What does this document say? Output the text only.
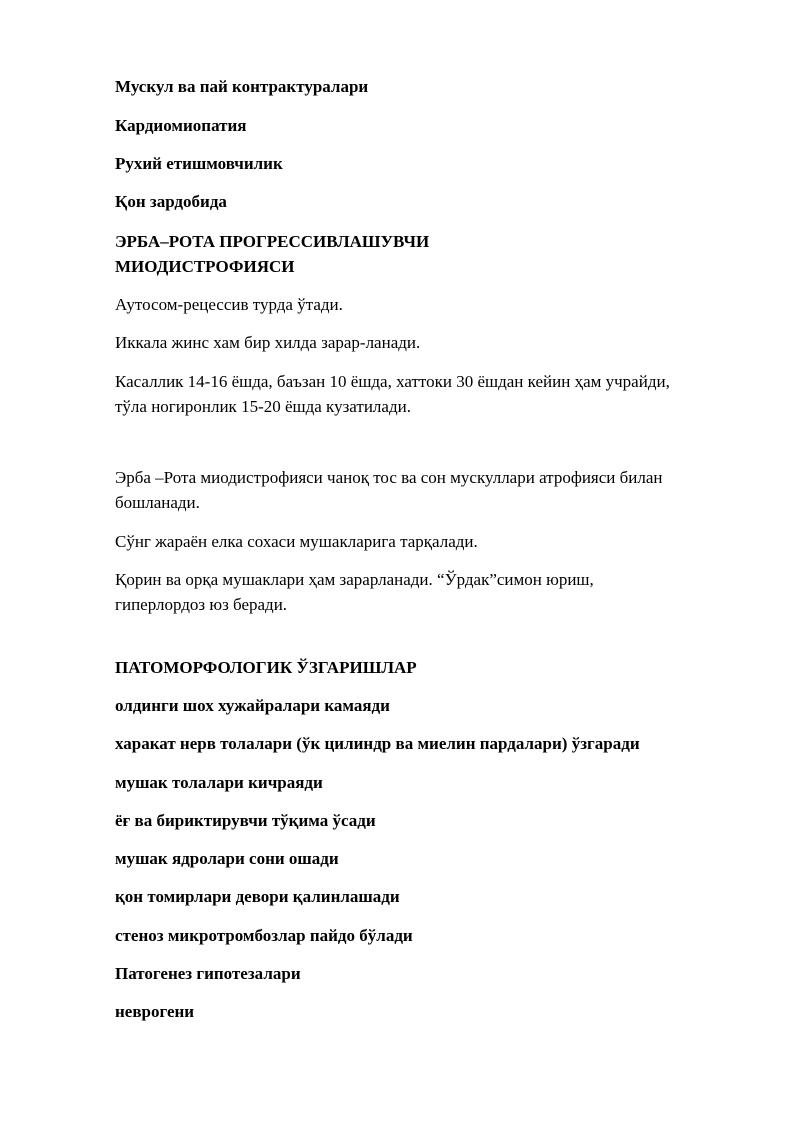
Мускул ва пай контрактуралари

Кардиомиопатия

Рухий етишмовчилик

Қон зардобида

ЭРБА–РОТА ПРОГРЕССИВЛАШУВЧИ

МИОДИСТРОФИЯСИ

Аутосом-рецессив турда ўтади.

Иккала жинс хам бир хилда зарар-ланади.

Касаллик 14-16 ёшда, баъзан 10 ёшда, хаттоки 30 ёшдан кейин ҳам учрайди,

тўла ногиронлик 15-20 ёшда кузатилади.

Эрба –Рота миодистрофияси чаноқ тос ва сон мускуллари атрофияси билан

бошланади.

Сўнг жараён елка сохаси мушакларига тарқалади.

Қорин ва орқа мушаклари ҳам зарарланади. “Ўрдак”симон юриш,

гиперлордоз юз беради.

ПАТОМОРФОЛОГИК ЎЗГАРИШЛАР

олдинги шох хужайралари камаяди

харакат нерв толалари (ўк цилиндр ва миелин пардалари) ўзгаради

мушак толалари кичраяди

ёғ ва бириктирувчи тўқима ўсади

мушак ядролари сони ошади

қон томирлари девори қалинлашади

стеноз микротромбозлар пайдо бўлади

Патогенез гипотезалари

неврогени
